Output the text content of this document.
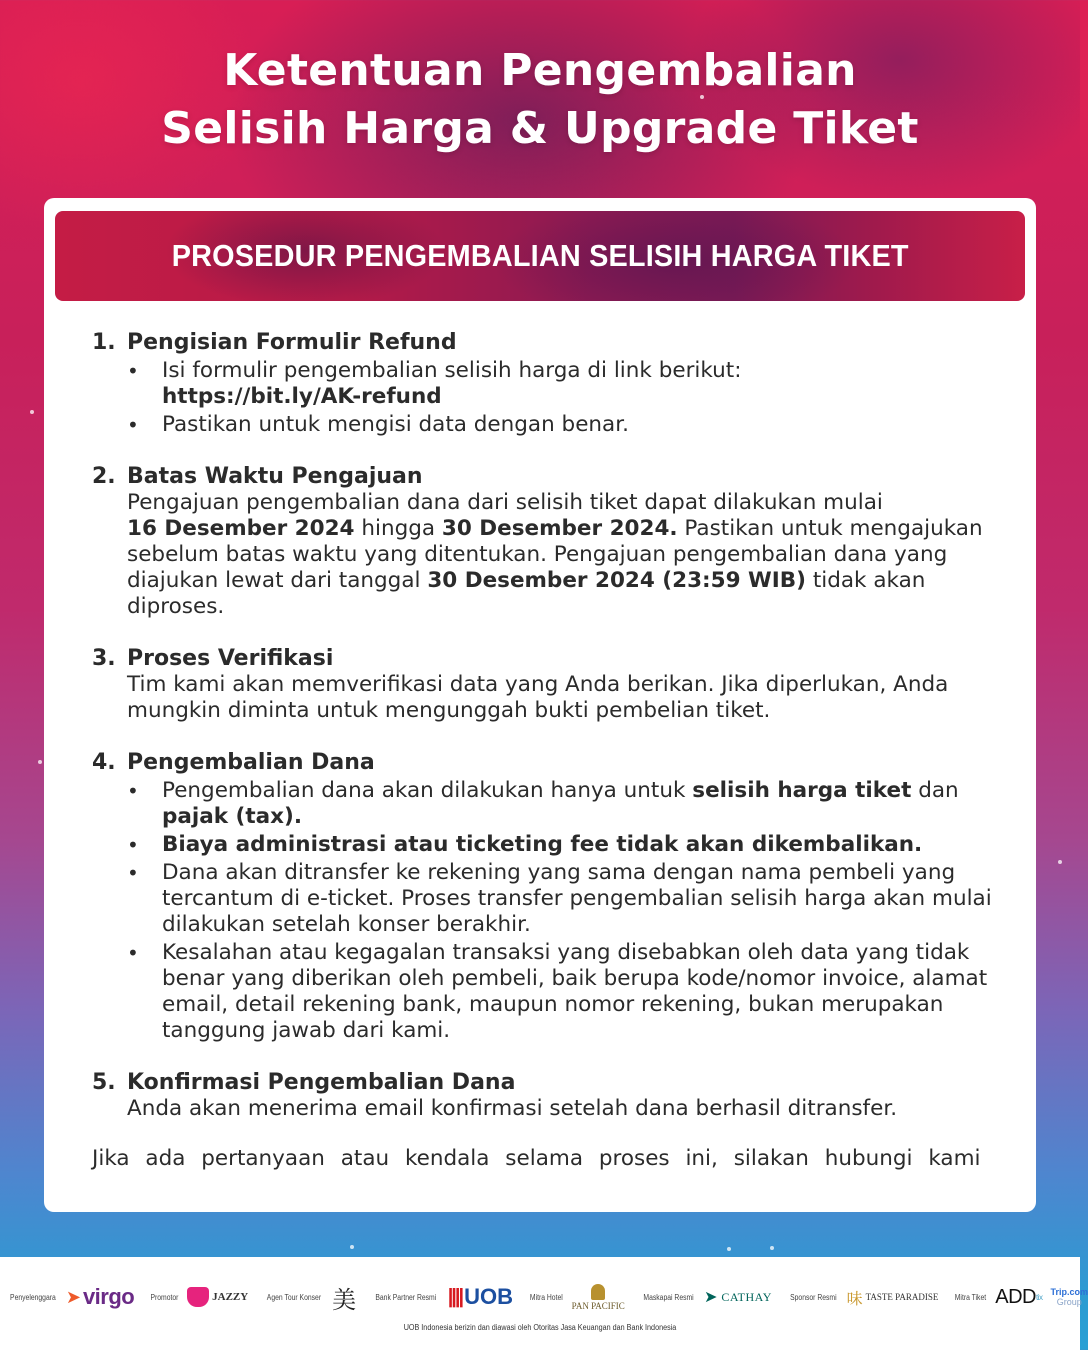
Ketentuan Pengembalian
Selisih Harga & Upgrade Tiket
PROSEDUR PENGEMBALIAN SELISIH HARGA TIKET
1. Pengisian Formulir Refund
• Isi formulir pengembalian selisih harga di link berikut:
https://bit.ly/AK-refund
• Pastikan untuk mengisi data dengan benar.
2. Batas Waktu Pengajuan
Pengajuan pengembalian dana dari selisih tiket dapat dilakukan mulai
16 Desember 2024 hingga 30 Desember 2024. Pastikan untuk mengajukan sebelum batas waktu yang ditentukan. Pengajuan pengembalian dana yang diajukan lewat dari tanggal 30 Desember 2024 (23:59 WIB) tidak akan diproses.
3. Proses Verifikasi
Tim kami akan memverifikasi data yang Anda berikan. Jika diperlukan, Anda mungkin diminta untuk mengunggah bukti pembelian tiket.
4. Pengembalian Dana
• Pengembalian dana akan dilakukan hanya untuk selisih harga tiket dan pajak (tax).
• Biaya administrasi atau ticketing fee tidak akan dikembalikan.
• Dana akan ditransfer ke rekening yang sama dengan nama pembeli yang tercantum di e-ticket. Proses transfer pengembalian selisih harga akan mulai dilakukan setelah konser berakhir.
• Kesalahan atau kegagalan transaksi yang disebabkan oleh data yang tidak benar yang diberikan oleh pembeli, baik berupa kode/nomor invoice, alamat email, detail rekening bank, maupun nomor rekening, bukan merupakan tanggung jawab dari kami.
5. Konfirmasi Pengembalian Dana
Anda akan menerima email konfirmasi setelah dana berhasil ditransfer.
Jika ada pertanyaan atau kendala selama proses ini, silakan hubungi kami
Penyelenggara ➤ virgo Promotor	JAZZY Agen Tour Konser 美 Bank Partner Resmi |||| UOB Mitra Hotel
PAN PACIFIC
Maskapai Resmi ➤ CATHAY Sponsor Resmi 味 TASTE PARADISE Mitra Tiket ADD tix Trip.com
Group
UOB Indonesia berizin dan diawasi oleh Otoritas Jasa Keuangan dan Bank Indonesia
